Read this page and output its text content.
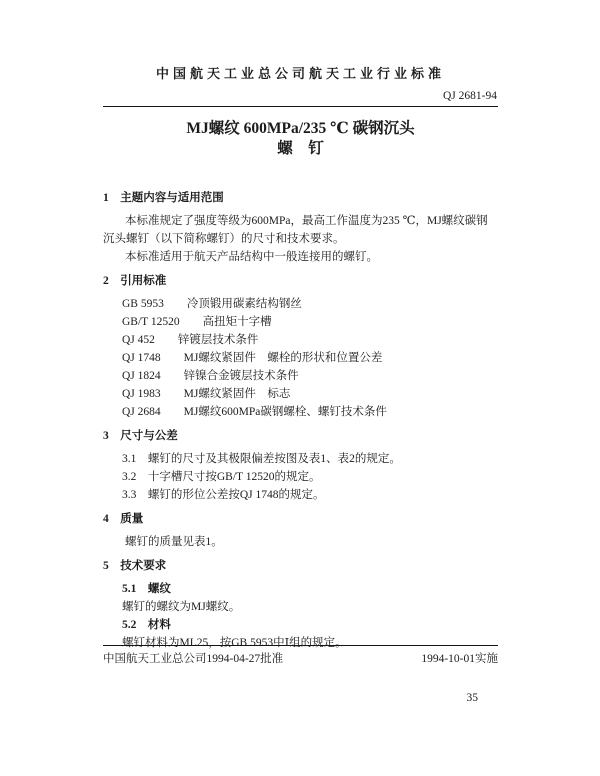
中国航天工业总公司航天工业行业标准
QJ 2681-94
MJ螺纹 600MPa/235 ℃ 碳钢沉头
螺　钉
1　主题内容与适用范围

本标准规定了强度等级为600MPa，最高工作温度为235 ℃，MJ螺纹碳钢沉头螺钉（以下简称螺钉）的尺寸和技术要求。

本标准适用于航天产品结构中一般连接用的螺钉。

2　引用标准
GB 5953　　冷顶锻用碳素结构钢丝
GB/T 12520　　高扭矩十字槽
QJ 452　　锌镀层技术条件
QJ 1748　　MJ螺纹紧固件　螺栓的形状和位置公差
QJ 1824　　锌镍合金镀层技术条件
QJ 1983　　MJ螺纹紧固件　标志
QJ 2684　　MJ螺纹600MPa碳钢螺栓、螺钉技术条件
3　尺寸与公差
3.1　螺钉的尺寸及其极限偏差按图及表1、表2的规定。
3.2　十字槽尺寸按GB/T 12520的规定。
3.3　螺钉的形位公差按QJ 1748的规定。
4　质量

螺钉的质量见表1。

5　技术要求
5.1　螺纹
螺钉的螺纹为MJ螺纹。
5.2　材料
螺钉材料为ML25，按GB 5953中Ⅰ组的规定。
中国航天工业总公司1994-04-27批准	1994-10-01实施
35
